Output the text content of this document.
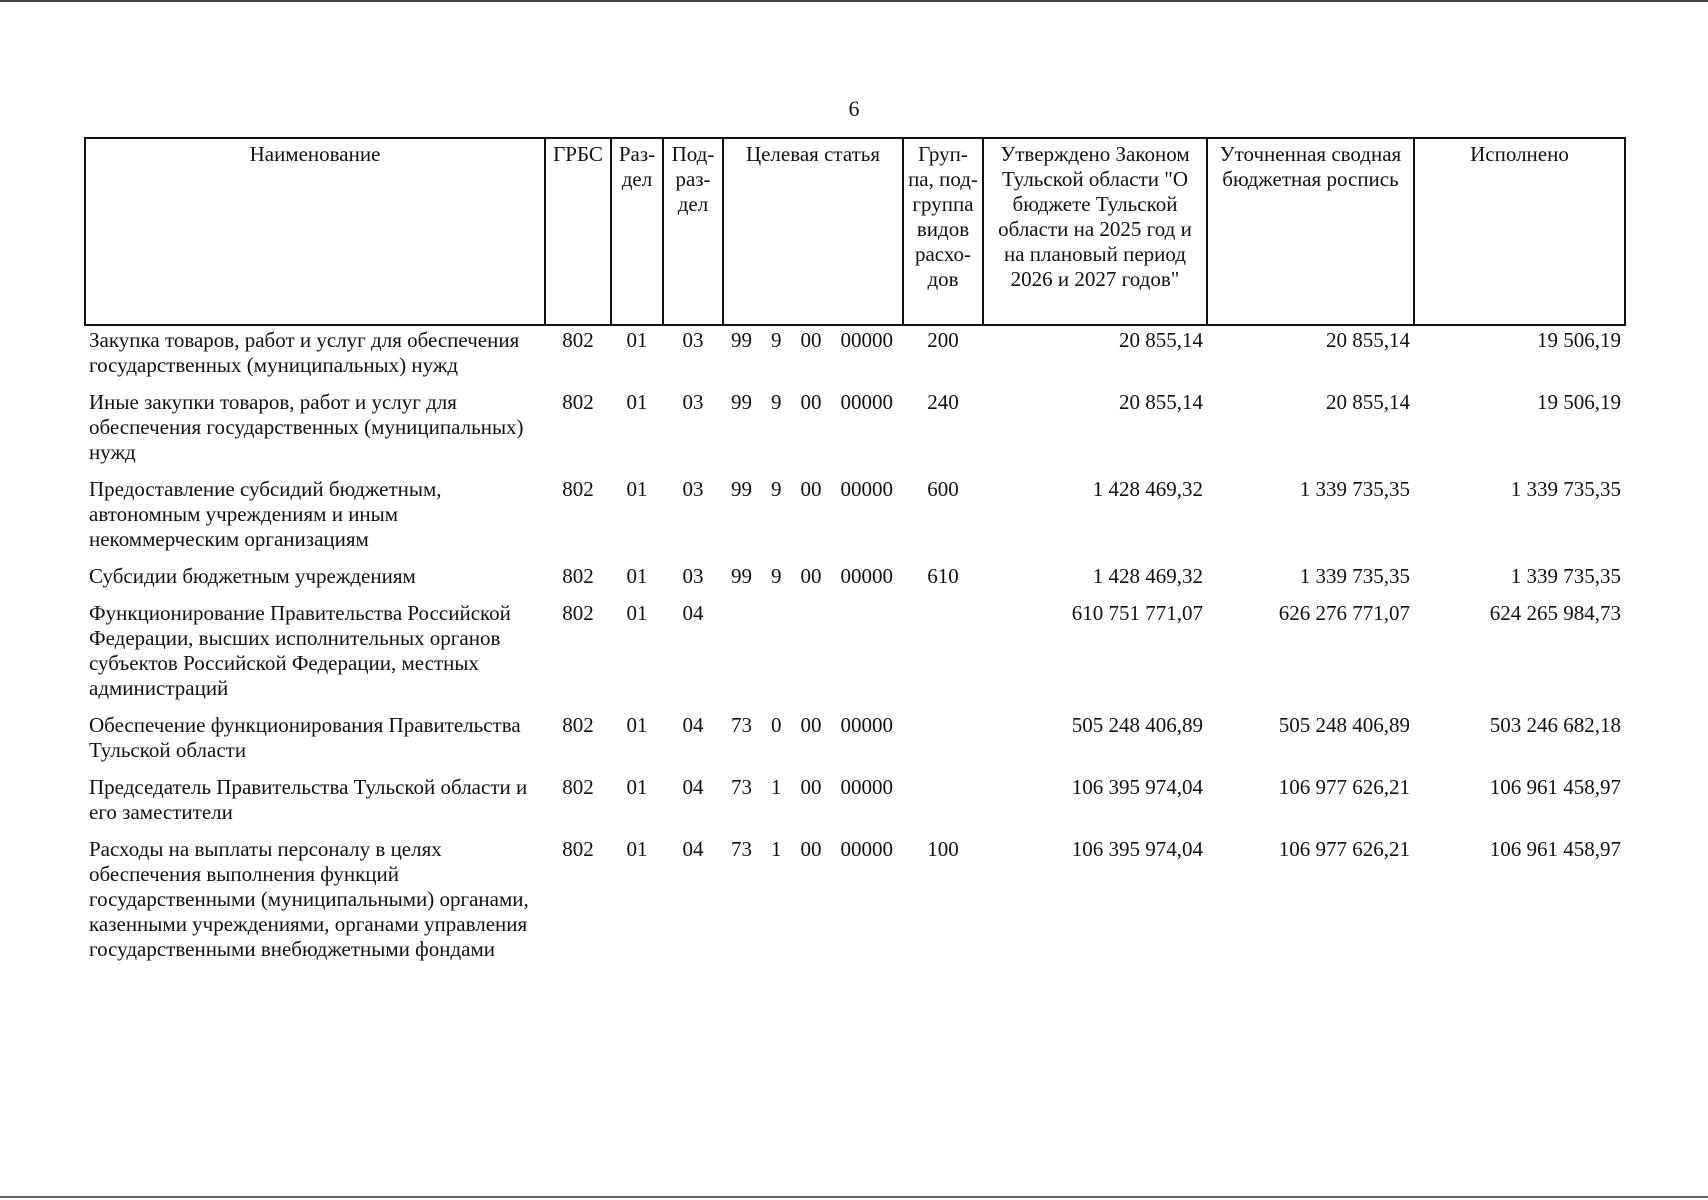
6
Наименование	ГРБС	Раз-дел	Под-раз-дел	Целевая статья	Груп-па, под-группа видов расхо-дов	Утверждено Законом Тульской области "О бюджете Тульской области на 2025 год и на плановый период 2026 и 2027 годов"	Уточненная сводная бюджетная роспись	Исполнено
Закупка товаров, работ и услуг для обеспечения государственных (муниципальных) нужд	802	01	03	99 9 00 00000	200	20 855,14	20 855,14	19 506,19
Иные закупки товаров, работ и услуг для обеспечения государственных (муниципальных) нужд	802	01	03	99 9 00 00000	240	20 855,14	20 855,14	19 506,19
Предоставление субсидий бюджетным, автономным учреждениям и иным некоммерческим организациям	802	01	03	99 9 00 00000	600	1 428 469,32	1 339 735,35	1 339 735,35
Субсидии бюджетным учреждениям	802	01	03	99 9 00 00000	610	1 428 469,32	1 339 735,35	1 339 735,35
Функционирование Правительства Российской Федерации, высших исполнительных органов субъектов Российской Федерации, местных администраций	802	01	04			610 751 771,07	626 276 771,07	624 265 984,73
Обеспечение функционирования Правительства Тульской области	802	01	04	73 0 00 00000		505 248 406,89	505 248 406,89	503 246 682,18
Председатель Правительства Тульской области и его заместители	802	01	04	73 1 00 00000		106 395 974,04	106 977 626,21	106 961 458,97
Расходы на выплаты персоналу в целях обеспечения выполнения функций государственными (муниципальными) органами, казенными учреждениями, органами управления государственными внебюджетными фондами	802	01	04	73 1 00 00000	100	106 395 974,04	106 977 626,21	106 961 458,97
